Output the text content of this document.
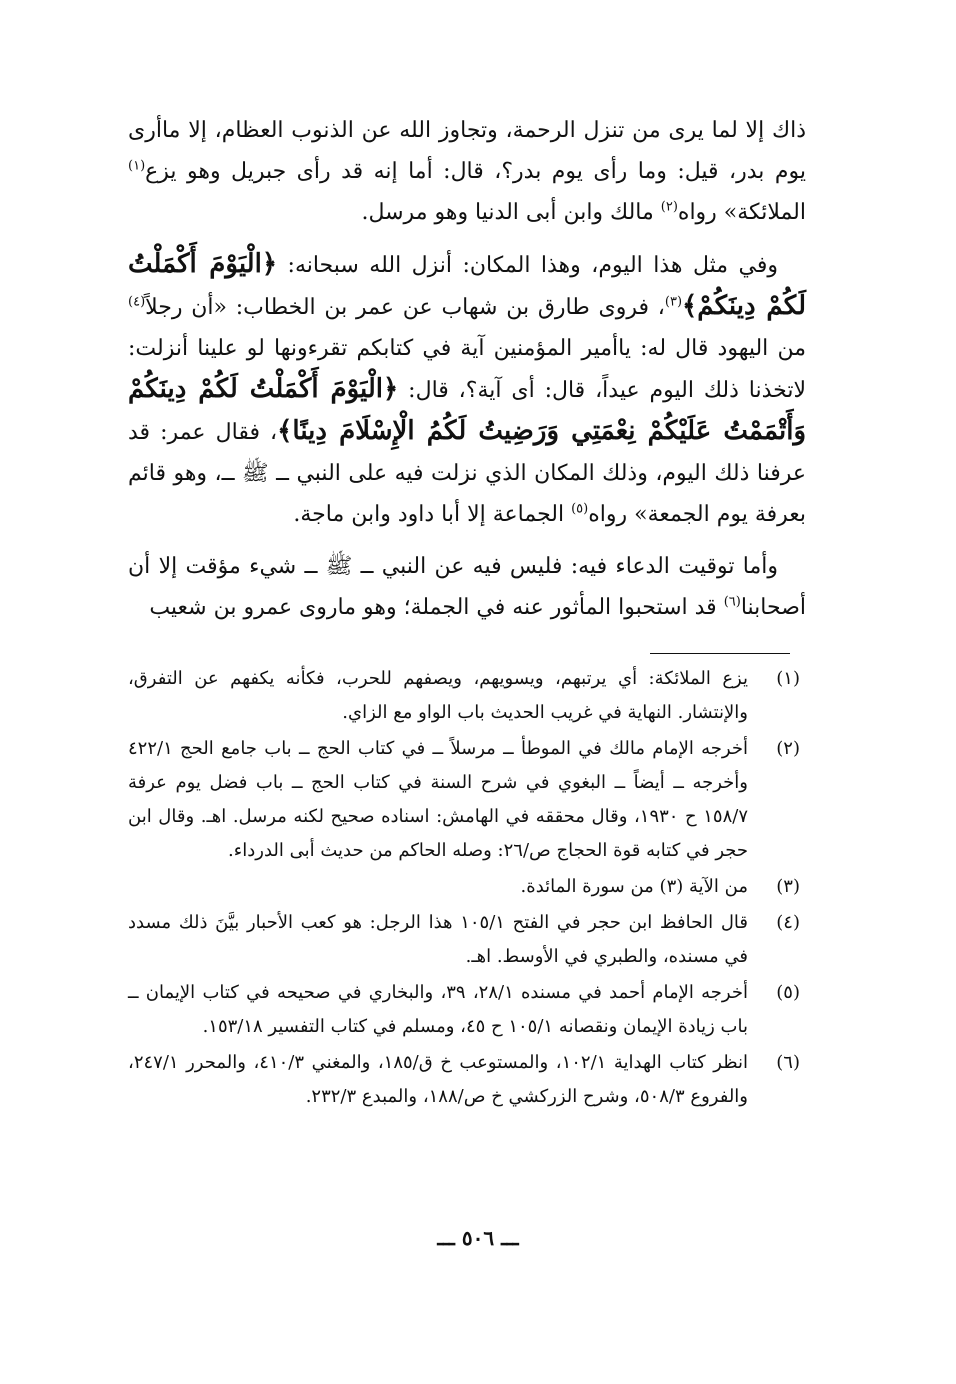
ذاك إلا لما يرى من تنزل الرحمة، وتجاوز الله عن الذنوب العظام، إلا ماأرى يوم بدر، قيل: وما رأى يوم بدر؟، قال: أما إنه قد رأى جبريل وهو يزع$^{(١)}$ الملائكة» رواه$^{(٢)}$ مالك وابن أبى الدنيا وهو مرسل.

وفي مثل هذا اليوم، وهذا المكان: أنزل الله سبحانه: ﴿الْيَوْمَ أَكْمَلْتُ لَكُمْ دِينَكُمْ﴾$^{(٣)}$، فروى طارق بن شهاب عن عمر بن الخطاب: «أن رجلاً$^{(٤)}$ من اليهود قال له: ياأمير المؤمنين آية في كتابكم تقرءونها لو علينا أنزلت: لاتخذنا ذلك اليوم عيداً، قال: أى آية؟، قال: ﴿الْيَوْمَ أَكْمَلْتُ لَكُمْ دِينَكُمْ وَأَتْمَمْتُ عَلَيْكُمْ نِعْمَتِي وَرَضِيتُ لَكُمُ الْإِسْلَامَ دِينًا﴾، فقال عمر: قد عرفنا ذلك اليوم، وذلك المكان الذي نزلت فيه على النبي ــ ﷺ ــ، وهو قائم بعرفة يوم الجمعة» رواه$^{(٥)}$ الجماعة إلا أبا داود وابن ماجة.

وأما توقيت الدعاء فيه: فليس فيه عن النبي ــ ﷺ ــ شيء مؤقت إلا أن أصحابنا$^{(٦)}$ قد استحبوا المأثور عنه في الجملة؛ وهو ماروى عمرو بن شعيب

(١)
يزع الملائكة: أي يرتبهم، ويسويهم، ويصفهم للحرب، فكأنه يكفهم عن التفرق، والإنتشار. النهاية في غريب الحديث باب الواو مع الزاي.
(٢)
أخرجه الإمام مالك في الموطأ ــ مرسلاً ــ في كتاب الحج ــ باب جامع الحج ٤٢٢/١ وأخرجه ــ أيضاً ــ البغوي في شرح السنة في كتاب الحج ــ باب فضل يوم عرفة ١٥٨/٧ ح ١٩٣٠، وقال محققه في الهامش: اسناده صحيح لكنه مرسل. اهـ. وقال ابن حجر في كتابه قوة الحجاج ص/٢٦: وصله الحاكم من حديث أبى الدرداء.
(٣)
من الآية (٣) من سورة المائدة.
(٤)
قال الحافظ ابن حجر في الفتح ١٠٥/١ هذا الرجل: هو كعب الأحبار بيَّنَ ذلك مسدد في مسنده، والطبري في الأوسط. اهـ.
(٥)
أخرجه الإمام أحمد في مسنده ٢٨/١، ٣٩، والبخاري في صحيحه في كتاب الإيمان ــ باب زيادة الإيمان ونقصانه ١٠٥/١ ح ٤٥، ومسلم في كتاب التفسير ١٥٣/١٨.
(٦)
انظر كتاب الهداية ١٠٢/١، والمستوعب خ ق/١٨٥، والمغني ٤١٠/٣، والمحرر ٢٤٧/١، والفروع ٥٠٨/٣، وشرح الزركشي خ ص/١٨٨، والمبدع ٢٣٢/٣.
ـــ ٥٠٦ ـــ
